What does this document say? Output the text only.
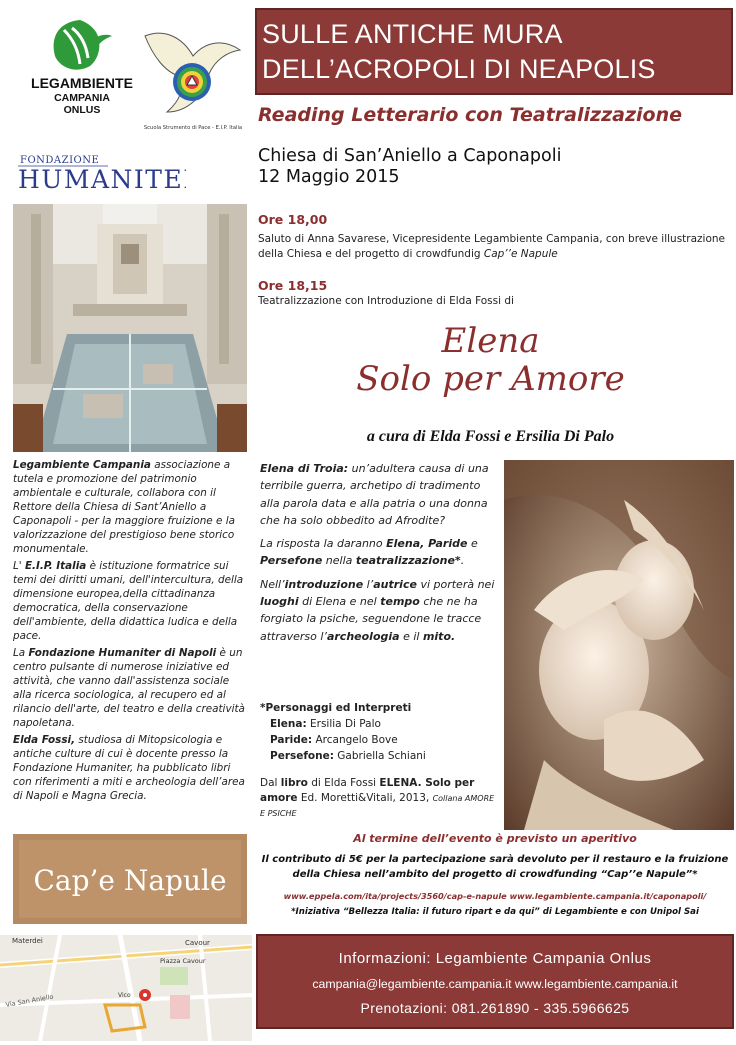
SULLE ANTICHE MURA
DELL’ACROPOLI DI NEAPOLIS
Reading Letterario con Teatralizzazione
Chiesa di San’Aniello a Caponapoli
12 Maggio 2015
LEGAMBIENTE
CAMPANIA
ONLUS
Scuola Strumento di Pace - E.I.P. Italia
FONDAZIONE
HUMANITER
Ore 18,00
Saluto di Anna Savarese, Vicepresidente Legambiente Campania, con breve illustrazione della Chiesa e del progetto di crowdfundig Cap’’e Napule
Ore 18,15
Teatralizzazione con Introduzione di Elda Fossi di
Elena
Solo per Amore
a cura di Elda Fossi e Ersilia Di Palo

Legambiente Campania associazione a tutela e promozione del patrimonio ambientale e culturale, collabora con il Rettore della Chiesa di Sant’Aniello a Caponapoli - per la maggiore fruizione e la valorizzazione del prestigioso bene storico monumentale.

L' E.I.P. Italia è istituzione formatrice sui temi dei diritti umani, dell'intercultura, della dimensione europea,della cittadinanza democratica, della conservazione dell'ambiente, della didattica ludica e della pace.

La Fondazione Humaniter di Napoli è un centro pulsante di numerose iniziative ed attività, che vanno dall'assistenza sociale alla ricerca sociologica, al recupero ed al rilancio dell'arte, del teatro e della creatività napoletana.

Elda Fossi, studiosa di Mitopsicologia e antiche culture di cui è docente presso la Fondazione Humaniter, ha pubblicato libri con riferimenti a miti e archeologia dell’area di Napoli e Magna Grecia.

Elena di Troia: un’adultera causa di una terribile guerra, archetipo di tradimento alla parola data e alla patria o una donna che ha solo obbedito ad Afrodite?

La risposta la daranno Elena, Paride e Persefone nella teatralizzazione*.

Nell’introduzione l’autrice vi porterà nei luoghi di Elena e nel tempo che ne ha forgiato la psiche, seguendone le tracce attraverso l’archeologia e il mito.

*Personaggi ed Interpreti
Elena: Ersilia Di Palo
Paride: Arcangelo Bove
Persefone: Gabriella Schiani
Dal libro di Elda Fossi ELENA. Solo per amore Ed. Moretti&Vitali, 2013, Collana AMORE E PSICHE
Cap’e Napule
Materdei	Cavour
Piazza Cavour
Via San Aniello	Vico
Al termine dell’evento è previsto un aperitivo
Il contributo di 5€ per la partecipazione sarà devoluto per il restauro e la fruizione
della Chiesa nell’ambito del progetto di crowdfunding “Cap’’e Napule”*
www.eppela.com/ita/projects/3560/cap-e-napule www.legambiente.campania.it/caponapoli/
*Iniziativa “Bellezza Italia: il futuro ripart e da qui” di Legambiente e con Unipol Sai
Informazioni: Legambiente Campania Onlus
campania@legambiente.campania.it www.legambiente.campania.it
Prenotazioni: 081.261890 - 335.5966625
